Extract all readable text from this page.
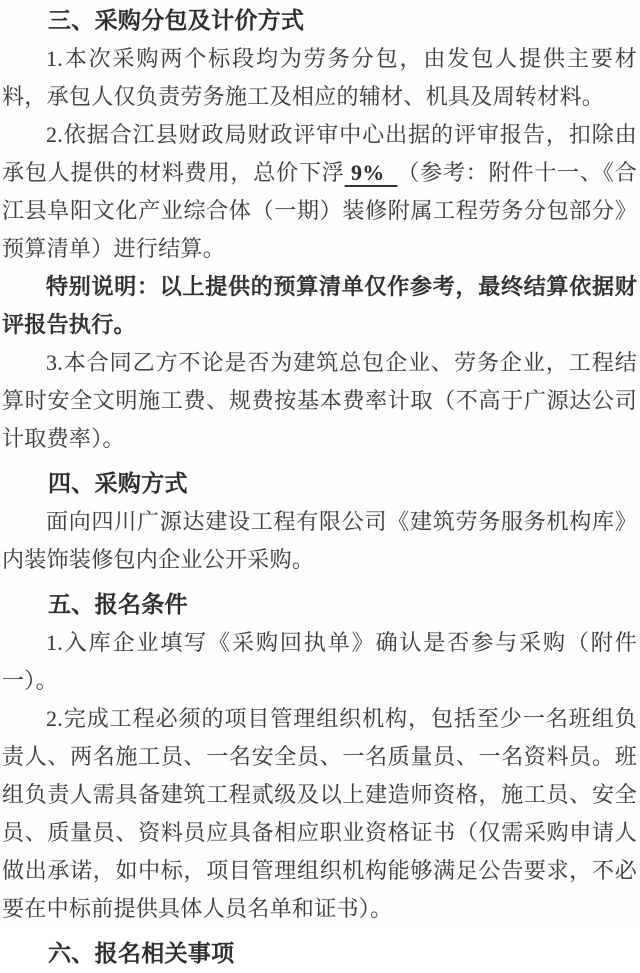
三、采购分包及计价方式

1.本次采购两个标段均为劳务分包，由发包人提供主要材料，承包人仅负责劳务施工及相应的辅材、机具及周转材料。

2.依据合江县财政局财政评审中心出据的评审报告，扣除由承包人提供的材料费用，总价下浮 9%  （参考：附件十一、《合江县阜阳文化产业综合体（一期）装修附属工程劳务分包部分》预算清单）进行结算。

特别说明：以上提供的预算清单仅作参考，最终结算依据财评报告执行。

3.本合同乙方不论是否为建筑总包企业、劳务企业，工程结算时安全文明施工费、规费按基本费率计取（不高于广源达公司计取费率）。

四、采购方式

面向四川广源达建设工程有限公司《建筑劳务服务机构库》内装饰装修包内企业公开采购。

五、报名条件

1.入库企业填写《采购回执单》确认是否参与采购（附件一）。

2.完成工程必须的项目管理组织机构，包括至少一名班组负责人、两名施工员、一名安全员、一名质量员、一名资料员。班组负责人需具备建筑工程贰级及以上建造师资格，施工员、安全员、质量员、资料员应具备相应职业资格证书（仅需采购申请人做出承诺，如中标，项目管理组织机构能够满足公告要求，不必要在中标前提供具体人员名单和证书）。

六、报名相关事项
